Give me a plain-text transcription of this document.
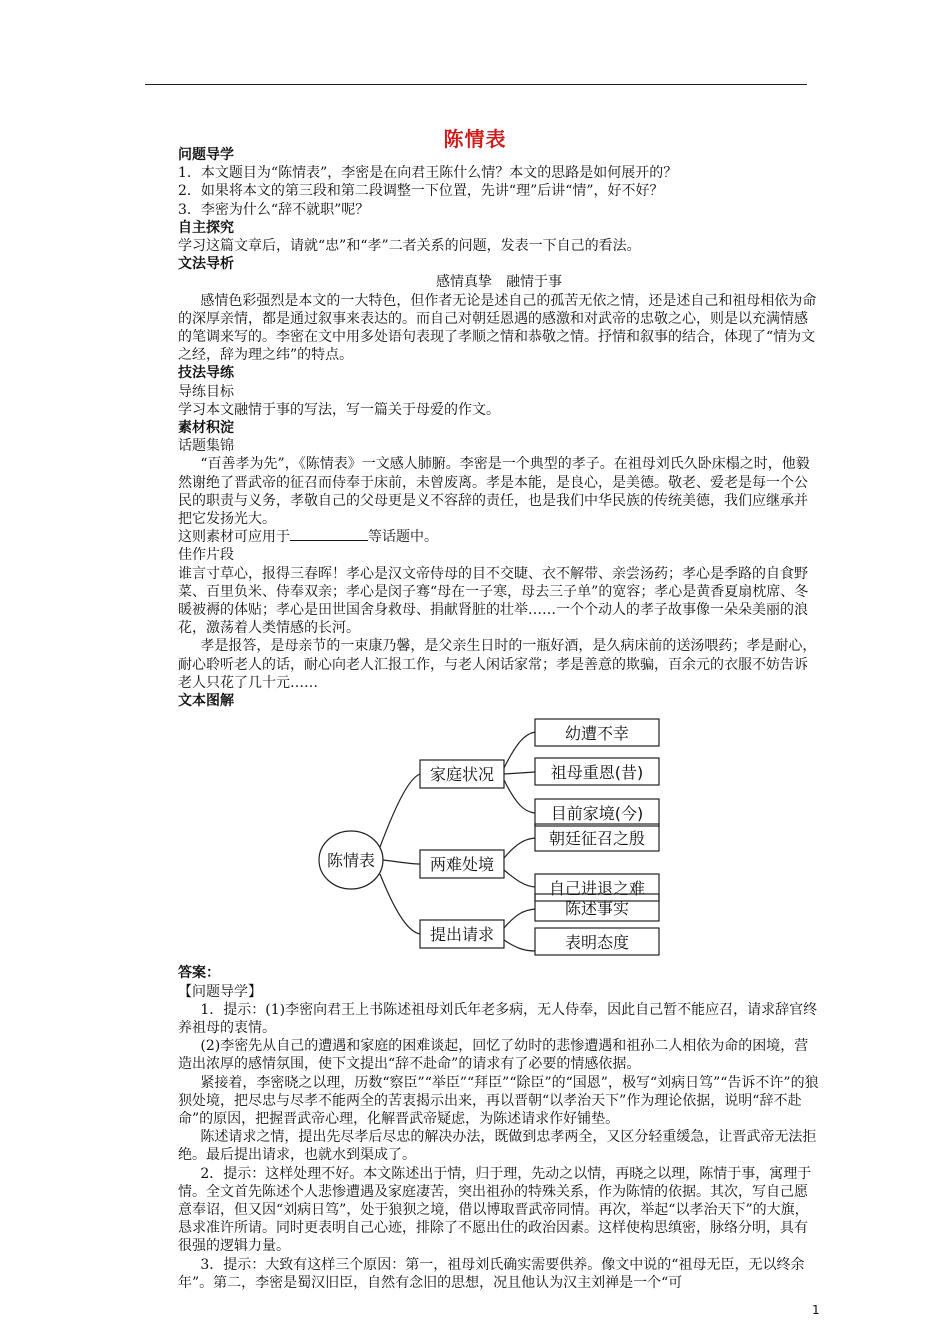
陈情表

问题导学

1．本文题目为“陈情表”，李密是在向君王陈什么情？本文的思路是如何展开的？

2．如果将本文的第三段和第二段调整一下位置，先讲“理”后讲“情”，好不好？

3．李密为什么“辞不就职”呢？

自主探究

学习这篇文章后，请就“忠”和“孝”二者关系的问题，发表一下自己的看法。

文法导析

感情真挚　融情于事

感情色彩强烈是本文的一大特色，但作者无论是述自己的孤苦无依之情，还是述自己和祖母相依为命的深厚亲情，都是通过叙事来表达的。而自己对朝廷恩遇的感激和对武帝的忠敬之心，则是以充满情感的笔调来写的。李密在文中用多处语句表现了孝顺之情和恭敬之情。抒情和叙事的结合，体现了“情为文之经，辞为理之纬”的特点。

技法导练

导练目标

学习本文融情于事的写法，写一篇关于母爱的作文。

素材积淀

话题集锦

“百善孝为先”，《陈情表》一文感人肺腑。李密是一个典型的孝子。在祖母刘氏久卧床榻之时，他毅然谢绝了晋武帝的征召而侍奉于床前，未曾废离。孝是本能，是良心，是美德。敬老、爱老是每一个公民的职责与义务，孝敬自己的父母更是义不容辞的责任，也是我们中华民族的传统美德，我们应继承并把它发扬光大。

这则素材可应用于	等话题中。

佳作片段

谁言寸草心，报得三春晖！孝心是汉文帝侍母的目不交睫、衣不解带、亲尝汤药；孝心是季路的自食野菜、百里负米、侍奉双亲；孝心是闵子骞“母在一子寒，母去三子单”的宽容；孝心是黄香夏扇枕席、冬暖被褥的体贴；孝心是田世国舍身救母、捐献肾脏的壮举……一个个动人的孝子故事像一朵朵美丽的浪花，激荡着人类情感的长河。

孝是报答，是母亲节的一束康乃馨，是父亲生日时的一瓶好酒，是久病床前的送汤喂药；孝是耐心，耐心聆听老人的话，耐心向老人汇报工作，与老人闲话家常；孝是善意的欺骗，百余元的衣服不妨告诉老人只花了几十元……

文本图解

陈情表
家庭状况
幼遭不幸
祖母重恩(昔)
目前家境(今)
两难处境
朝廷征召之殷
自己进退之难
提出请求
陈述事实
表明态度

答案：

【问题导学】

1．提示：(1)李密向君王上书陈述祖母刘氏年老多病，无人侍奉，因此自己暂不能应召，请求辞官终养祖母的衷情。

(2)李密先从自己的遭遇和家庭的困难谈起，回忆了幼时的悲惨遭遇和祖孙二人相依为命的困境，营造出浓厚的感情氛围，使下文提出“辞不赴命”的请求有了必要的情感依据。

紧接着，李密晓之以理，历数“察臣”“举臣”“拜臣”“除臣”的“国恩”，极写“刘病日笃”“告诉不许”的狼狈处境，把尽忠与尽孝不能两全的苦衷揭示出来，再以晋朝“以孝治天下”作为理论依据，说明“辞不赴命”的原因，把握晋武帝心理，化解晋武帝疑虑，为陈述请求作好铺垫。

陈述请求之情，提出先尽孝后尽忠的解决办法，既做到忠孝两全，又区分轻重缓急，让晋武帝无法拒绝。最后提出请求，也就水到渠成了。

2．提示：这样处理不好。本文陈述出于情，归于理，先动之以情，再晓之以理，陈情于事，寓理于情。全文首先陈述个人悲惨遭遇及家庭凄苦，突出祖孙的特殊关系，作为陈情的依据。其次，写自己愿意奉诏，但又因“刘病日笃”，处于狼狈之境，借以博取晋武帝同情。再次，举起“以孝治天下”的大旗，恳求准许所请。同时更表明自己心迹，排除了不愿出仕的政治因素。这样使构思缜密，脉络分明，具有很强的逻辑力量。

3．提示：大致有这样三个原因：第一，祖母刘氏确实需要供养。像文中说的“祖母无臣，无以终余年”。第二，李密是蜀汉旧臣，自然有念旧的思想，况且他认为汉主刘禅是一个“可

1
